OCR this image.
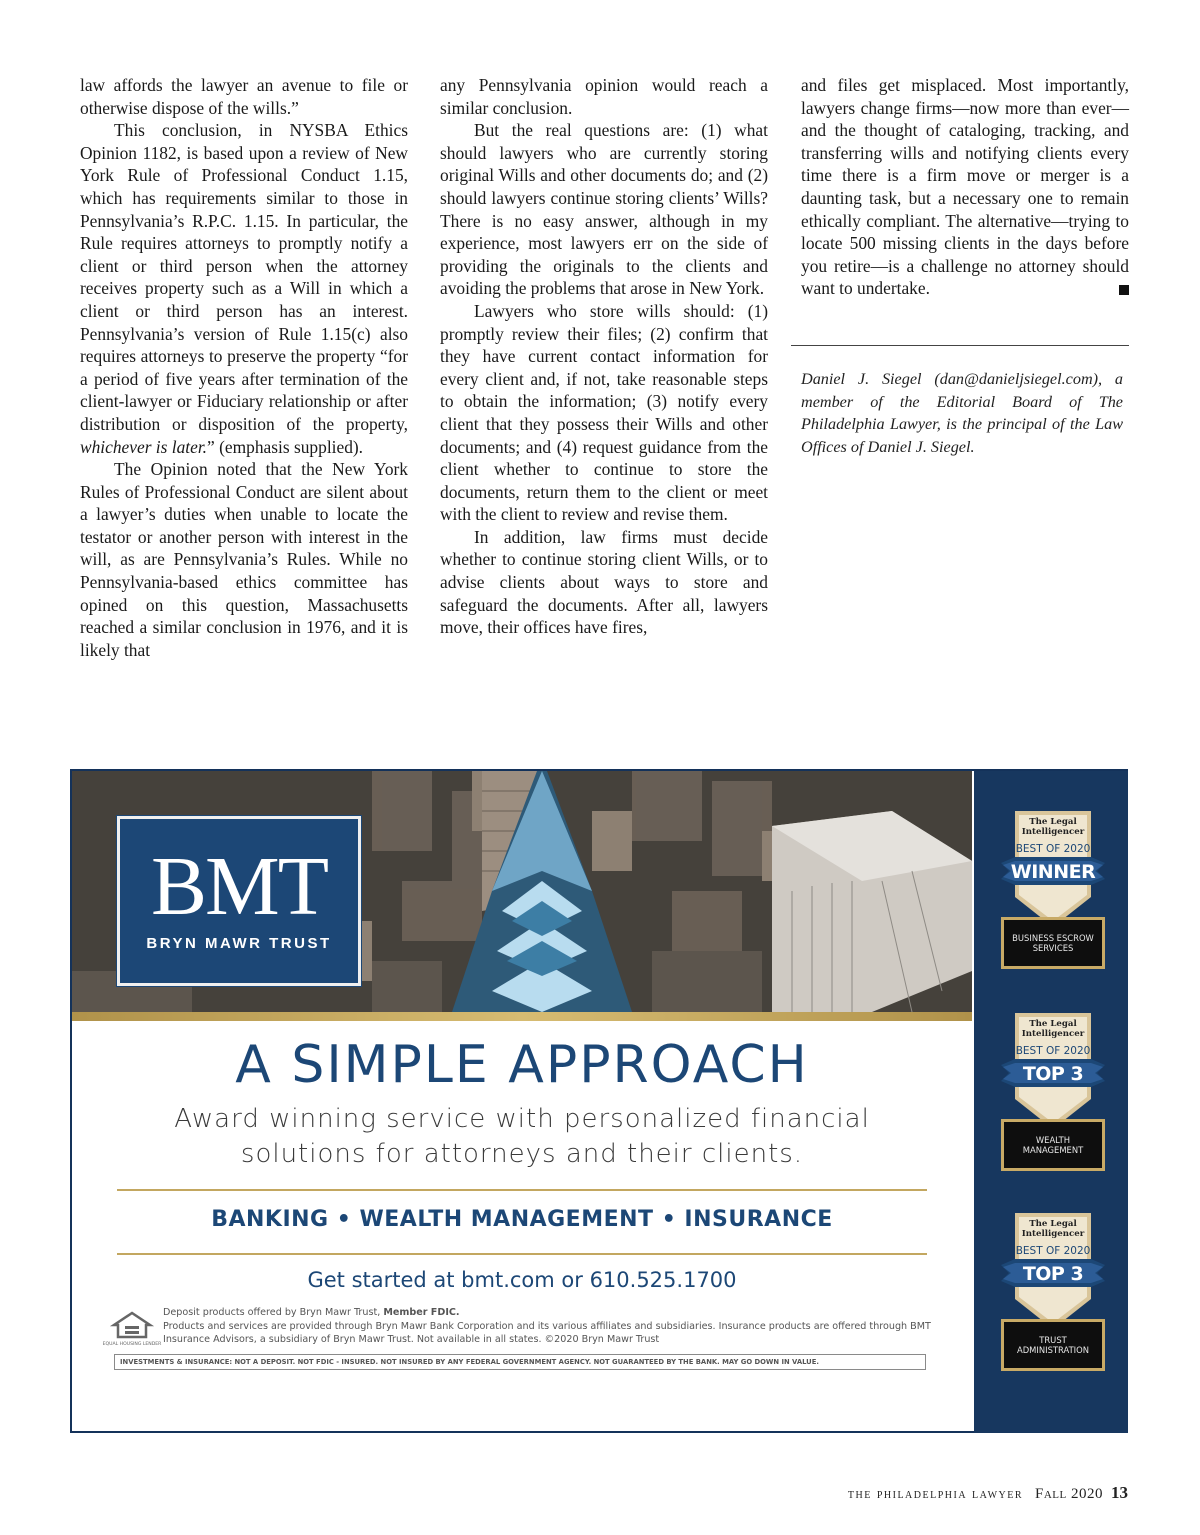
law affords the lawyer an avenue to file or otherwise dispose of the wills.”

This conclusion, in NYSBA Ethics Opinion 1182, is based upon a review of New York Rule of Professional Conduct 1.15, which has requirements similar to those in Pennsylvania’s R.P.C. 1.15. In particular, the Rule requires attorneys to promptly notify a client or third person when the attorney receives property such as a Will in which a client or third person has an interest. Pennsylvania’s version of Rule 1.15(c) also requires attorneys to preserve the property “for a period of five years after termination of the client-lawyer or Fiduciary relationship or after distribution or disposition of the property, whichever is later.” (emphasis supplied).

The Opinion noted that the New York Rules of Professional Conduct are silent about a lawyer’s duties when unable to locate the testator or another person with interest in the will, as are Pennsylvania’s Rules. While no Pennsylvania-based ethics committee has opined on this question, Massachusetts reached a similar conclusion in 1976, and it is likely that

any Pennsylvania opinion would reach a similar conclusion.

But the real questions are: (1) what should lawyers who are currently storing original Wills and other documents do; and (2) should lawyers continue storing clients’ Wills? There is no easy answer, although in my experience, most lawyers err on the side of providing the originals to the clients and avoiding the problems that arose in New York.

Lawyers who store wills should: (1) promptly review their files; (2) confirm that they have current contact information for every client and, if not, take reasonable steps to obtain the information; (3) notify every client that they possess their Wills and other documents; and (4) request guidance from the client whether to continue to store the documents, return them to the client or meet with the client to review and revise them.

In addition, law firms must decide whether to continue storing client Wills, or to advise clients about ways to store and safeguard the documents. After all, lawyers move, their offices have fires,

and files get misplaced. Most importantly, lawyers change firms—now more than ever—and the thought of cataloging, tracking, and transferring wills and notifying clients every time there is a firm move or merger is a daunting task, but a necessary one to remain ethically compliant. The alternative—trying to locate 500 missing clients in the days before you retire—is a challenge no attorney should want to undertake.

Daniel J. Siegel (dan@danieljsiegel.com), a member of the Editorial Board of The Philadelphia Lawyer, is the principal of the Law Offices of Daniel J. Siegel.
BMT
BRYN MAWR TRUST
A SIMPLE APPROACH
Award winning service with personalized financial solutions for attorneys and their clients.
BANKING • WEALTH MANAGEMENT • INSURANCE
Get started at bmt.com or 610.525.1700
EQUAL HOUSING LENDER
Deposit products offered by Bryn Mawr Trust, Member FDIC.
Products and services are provided through Bryn Mawr Bank Corporation and its various affiliates and subsidiaries. Insurance products are offered through BMT Insurance Advisors, a subsidiary of Bryn Mawr Trust. Not available in all states. ©2020 Bryn Mawr Trust
INVESTMENTS & INSURANCE: NOT A DEPOSIT. NOT FDIC - INSURED. NOT INSURED BY ANY FEDERAL GOVERNMENT AGENCY. NOT GUARANTEED BY THE BANK. MAY GO DOWN IN VALUE.
The Legal Intelligencer
BEST OF 2020
WINNER
BUSINESS ESCROW SERVICES
The Legal Intelligencer
BEST OF 2020
TOP 3
WEALTH MANAGEMENT
The Legal Intelligencer
BEST OF 2020
TOP 3
TRUST ADMINISTRATION
the philadelphia lawyer Fall 2020 13
